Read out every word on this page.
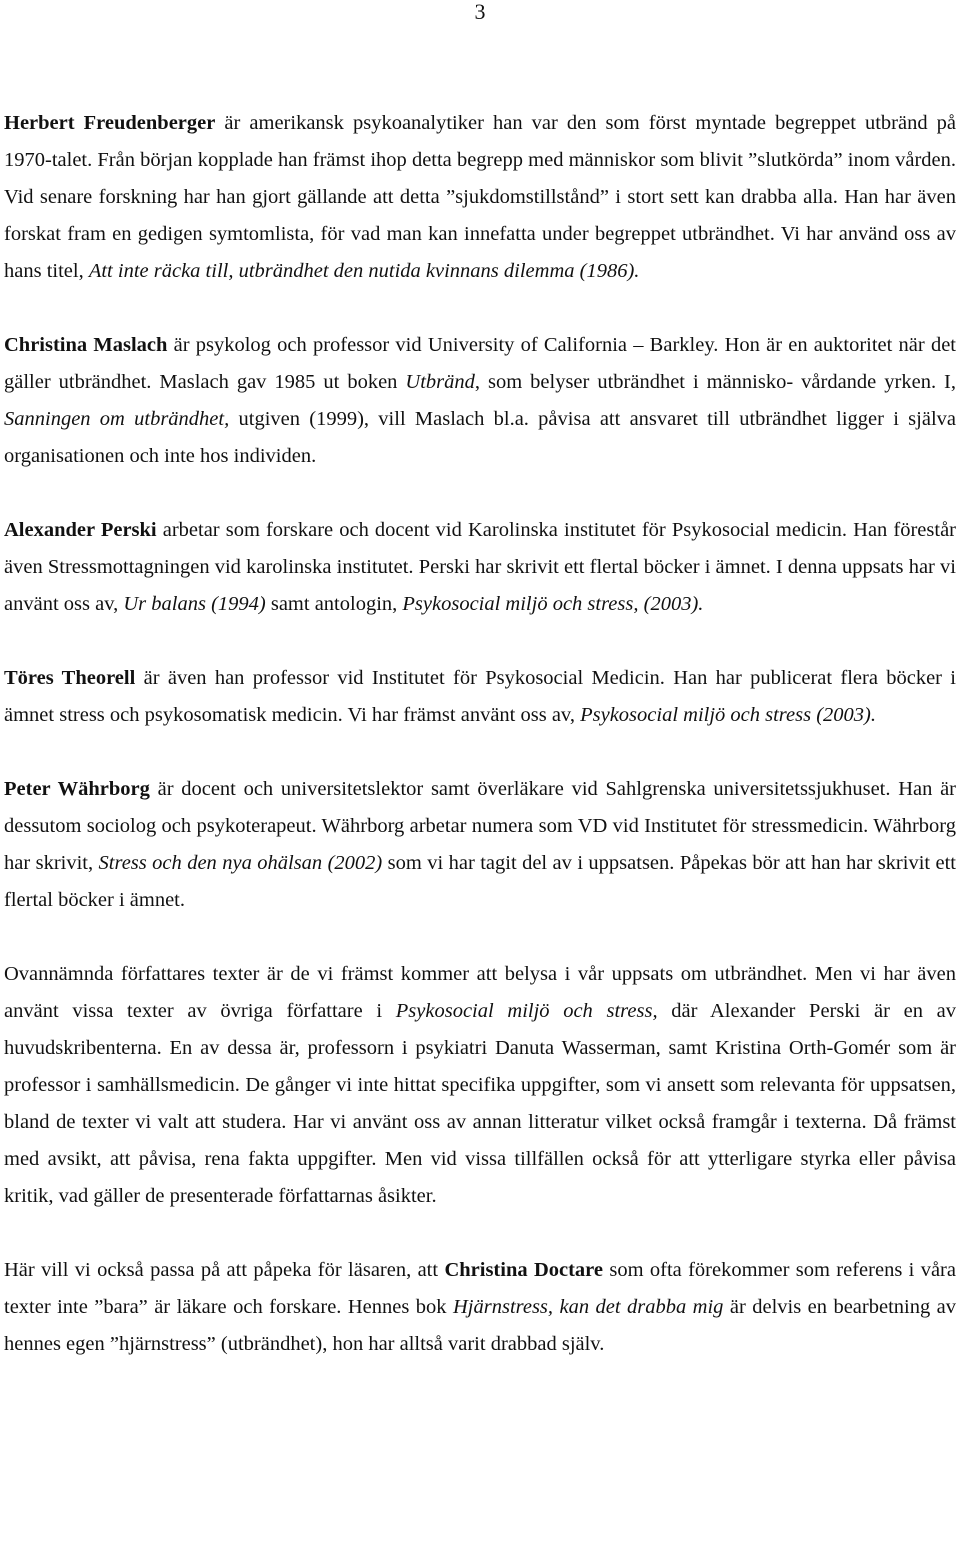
3

Herbert Freudenberger är amerikansk psykoanalytiker han var den som först myntade begreppet utbränd på 1970-talet. Från början kopplade han främst ihop detta begrepp med människor som blivit ”slutkörda” inom vården. Vid senare forskning har han gjort gällande att detta ”sjukdomstillstånd” i stort sett kan drabba alla. Han har även forskat fram en gedigen symtomlista, för vad man kan innefatta under begreppet utbrändhet. Vi har använd oss av hans titel, Att inte räcka till, utbrändhet den nutida kvinnans dilemma (1986).

Christina Maslach är psykolog och professor vid University of California – Barkley. Hon är en auktoritet när det gäller utbrändhet. Maslach gav 1985 ut boken Utbränd, som belyser utbrändhet i människo- vårdande yrken. I, Sanningen om utbrändhet, utgiven (1999), vill Maslach bl.a. påvisa att ansvaret till utbrändhet ligger i själva organisationen och inte hos individen.

Alexander Perski arbetar som forskare och docent vid Karolinska institutet för Psykosocial medicin. Han förestår även Stressmottagningen vid karolinska institutet. Perski har skrivit ett flertal böcker i ämnet. I denna uppsats har vi använt oss av, Ur balans (1994) samt antologin, Psykosocial miljö och stress, (2003).

Töres Theorell är även han professor vid Institutet för Psykosocial Medicin. Han har publicerat flera böcker i ämnet stress och psykosomatisk medicin. Vi har främst använt oss av, Psykosocial miljö och stress (2003).

Peter Währborg är docent och universitetslektor samt överläkare vid Sahlgrenska universitetssjukhuset. Han är dessutom sociolog och psykoterapeut. Währborg arbetar numera som VD vid Institutet för stressmedicin. Währborg har skrivit, Stress och den nya ohälsan (2002) som vi har tagit del av i uppsatsen. Påpekas bör att han har skrivit ett flertal böcker i ämnet.

Ovannämnda författares texter är de vi främst kommer att belysa i vår uppsats om utbrändhet. Men vi har även använt vissa texter av övriga författare i Psykosocial miljö och stress, där Alexander Perski är en av huvudskribenterna. En av dessa är, professorn i psykiatri Danuta Wasserman, samt Kristina Orth-Gomér som är professor i samhällsmedicin. De gånger vi inte hittat specifika uppgifter, som vi ansett som relevanta för uppsatsen, bland de texter vi valt att studera. Har vi använt oss av annan litteratur vilket också framgår i texterna. Då främst med avsikt, att påvisa, rena fakta uppgifter. Men vid vissa tillfällen också för att ytterligare styrka eller påvisa kritik, vad gäller de presenterade författarnas åsikter.

Här vill vi också passa på att påpeka för läsaren, att Christina Doctare som ofta förekommer som referens i våra texter inte ”bara” är läkare och forskare. Hennes bok Hjärnstress, kan det drabba mig är delvis en bearbetning av hennes egen ”hjärnstress” (utbrändhet), hon har alltså varit drabbad själv.
